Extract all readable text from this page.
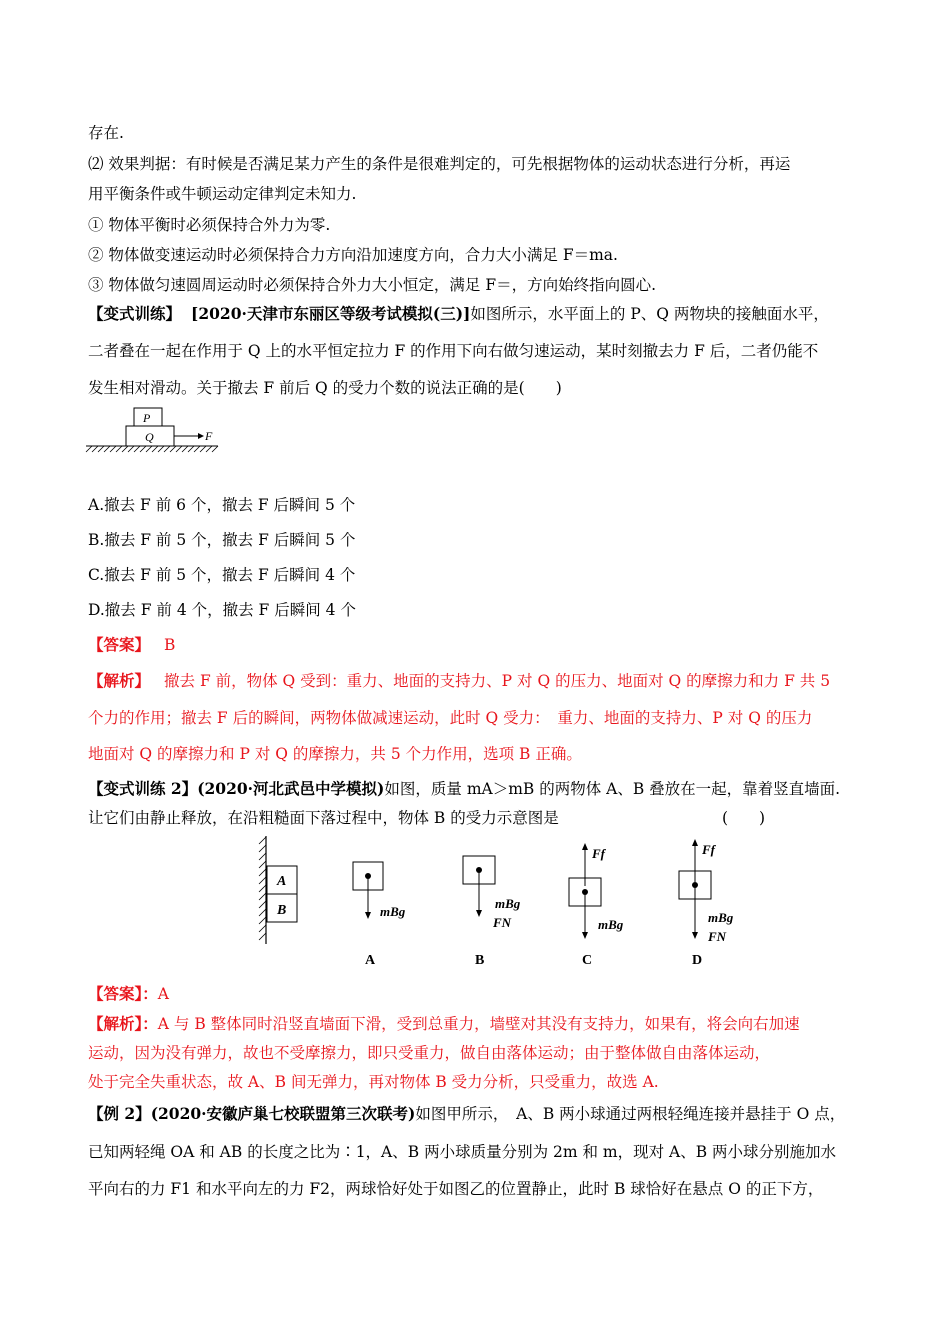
存在.
⑵ 效果判据：有时候是否满足某力产生的条件是很难判定的，可先根据物体的运动状态进行分析，再运
用平衡条件或牛顿运动定律判定未知力.
① 物体平衡时必须保持合外力为零.
② 物体做变速运动时必须保持合力方向沿加速度方向，合力大小满足 F＝ma.
③ 物体做匀速圆周运动时必须保持合外力大小恒定，满足 F＝，方向始终指向圆心.
【变式训练】 [2020·天津市东丽区等级考试模拟(三)]如图所示，水平面上的 P、Q 两物块的接触面水平，
二者叠在一起在作用于 Q 上的水平恒定拉力 F 的作用下向右做匀速运动，某时刻撤去力 F 后，二者仍能不
发生相对滑动。关于撤去 F 前后 Q 的受力个数的说法正确的是(　　)
P
Q	F
A.撤去 F 前 6 个，撤去 F 后瞬间 5 个
B.撤去 F 前 5 个，撤去 F 后瞬间 5 个
C.撤去 F 前 5 个，撤去 F 后瞬间 4 个
D.撤去 F 前 4 个，撤去 F 后瞬间 4 个
【答案】 B
【解析】 撤去 F 前，物体 Q 受到：重力、地面的支持力、P 对 Q 的压力、地面对 Q 的摩擦力和力 F 共 5
个力的作用；撤去 F 后的瞬间，两物体做减速运动，此时 Q 受力：　重力、地面的支持力、P 对 Q 的压力
地面对 Q 的摩擦力和 P 对 Q 的摩擦力，共 5 个力作用，选项 B 正确。
【变式训练 2】(2020·河北武邑中学模拟)如图，质量 mA＞mB 的两物体 A、B 叠放在一起，靠着竖直墙面.
让它们由静止释放，在沿粗糙面下落过程中，物体 B 的受力示意图是	(　　)
A
B	mBg
A
mBg
FN
B
Ff
mBg
C
Ff
mBg
FN
D
【答案】：A
【解析】：A 与 B 整体同时沿竖直墙面下滑，受到总重力，墙壁对其没有支持力，如果有，将会向右加速
运动，因为没有弹力，故也不受摩擦力，即只受重力，做自由落体运动；由于整体做自由落体运动，
处于完全失重状态，故 A、B 间无弹力，再对物体 B 受力分析，只受重力，故选 A.
【例 2】(2020·安徽庐巢七校联盟第三次联考)如图甲所示，　A、B 两小球通过两根轻绳连接并悬挂于 O 点，
已知两轻绳 OA 和 AB 的长度之比为∶1，A、B 两小球质量分别为 2m 和 m，现对 A、B 两小球分别施加水
平向右的力 F1 和水平向左的力 F2，两球恰好处于如图乙的位置静止，此时 B 球恰好在悬点 O 的正下方，
